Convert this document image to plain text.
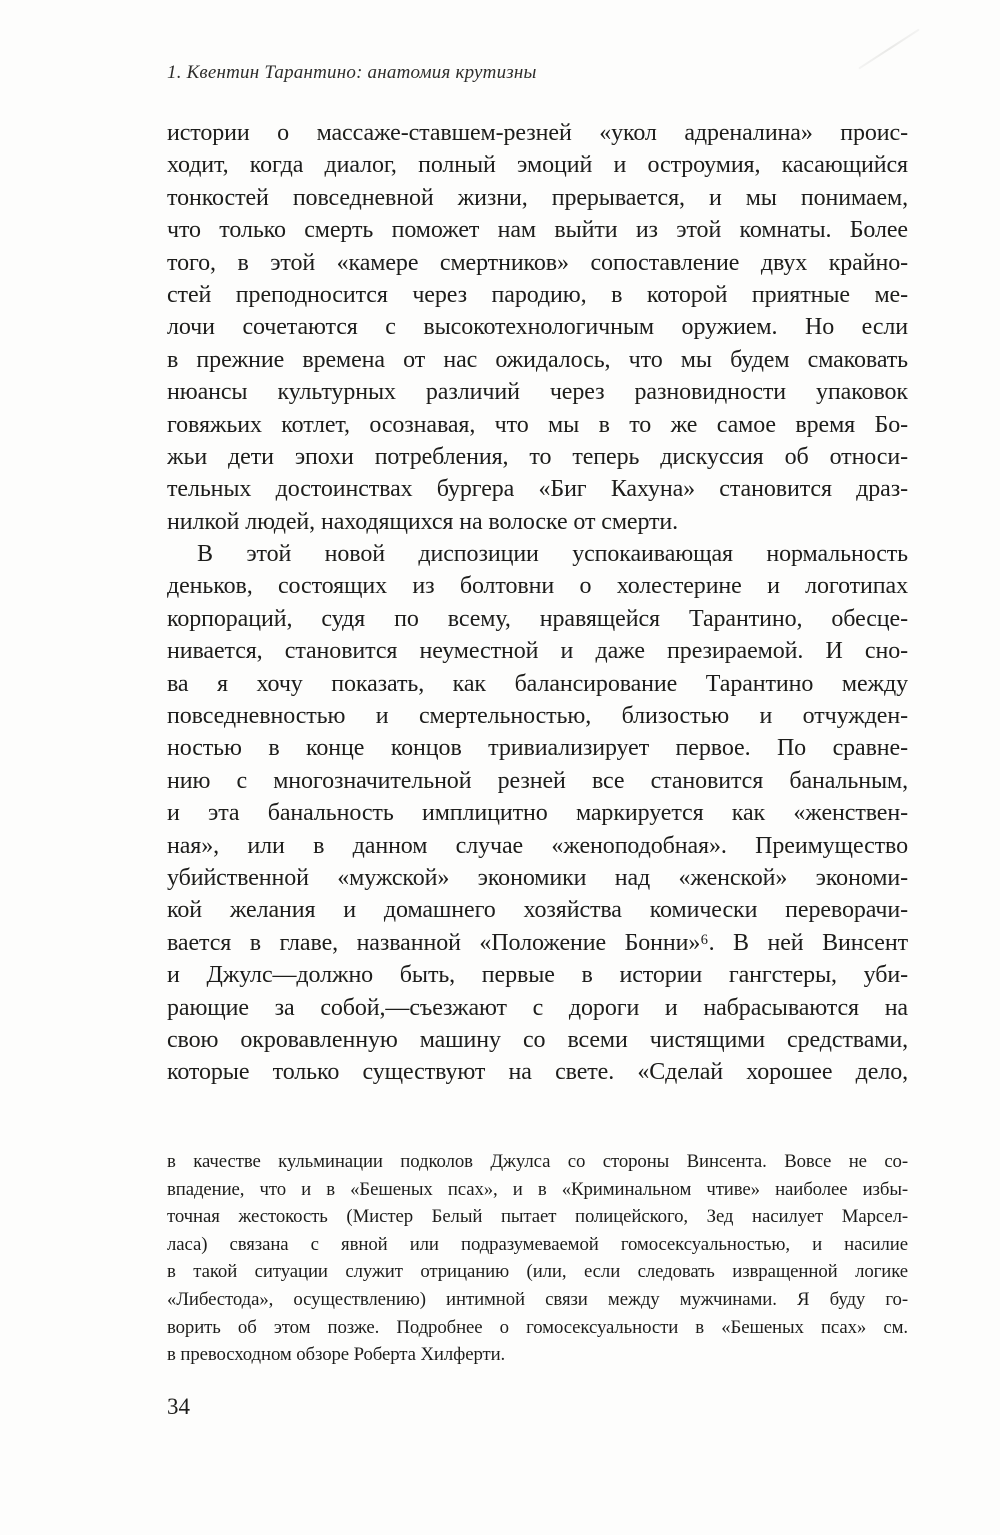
1. Квентин Тарантино: анатомия крутизны
истории о массаже-ставшем-резней «укол адреналина» проис-
ходит, когда диалог, полный эмоций и остроумия, касающийся
тонкостей повседневной жизни, прерывается, и мы понимаем,
что только смерть поможет нам выйти из этой комнаты. Более
того, в этой «камере смертников» сопоставление двух крайно-
стей преподносится через пародию, в которой приятные ме-
лочи сочетаются с высокотехнологичным оружием. Но если
в прежние времена от нас ожидалось, что мы будем смаковать
нюансы культурных различий через разновидности упаковок
говяжьих котлет, осознавая, что мы в то же самое время Бо-
жьи дети эпохи потребления, то теперь дискуссия об относи-
тельных достоинствах бургера «Биг Кахуна» становится драз-
нилкой людей, находящихся на волоске от смерти.
В этой новой диспозиции успокаивающая нормальность
деньков, состоящих из болтовни о холестерине и логотипах
корпораций, судя по всему, нравящейся Тарантино, обесце-
нивается, становится неуместной и даже презираемой. И сно-
ва я хочу показать, как балансирование Тарантино между
повседневностью и смертельностью, близостью и отчужден-
ностью в конце концов тривиализирует первое. По сравне-
нию с многозначительной резней все становится банальным,
и эта банальность имплицитно маркируется как «женствен-
ная», или в данном случае «женоподобная». Преимущество
убийственной «мужской» экономики над «женской» экономи-
кой желания и домашнего хозяйства комически переворачи-
вается в главе, названной «Положение Бонни»⁶. В ней Винсент
и Джулс—должно быть, первые в истории гангстеры, уби-
рающие за собой,—съезжают с дороги и набрасываются на
свою окровавленную машину со всеми чистящими средствами,
которые только существуют на свете. «Сделай хорошее дело,
в качестве кульминации подколов Джулса со стороны Винсента. Вовсе не со-
впадение, что и в «Бешеных псах», и в «Криминальном чтиве» наиболее избы-
точная жестокость (Мистер Белый пытает полицейского, Зед насилует Марсел-
ласа) связана с явной или подразумеваемой гомосексуальностью, и насилие
в такой ситуации служит отрицанию (или, если следовать извращенной логике
«Либестода», осуществлению) интимной связи между мужчинами. Я буду го-
ворить об этом позже. Подробнее о гомосексуальности в «Бешеных псах» см.
в превосходном обзоре Роберта Хилферти.
34
